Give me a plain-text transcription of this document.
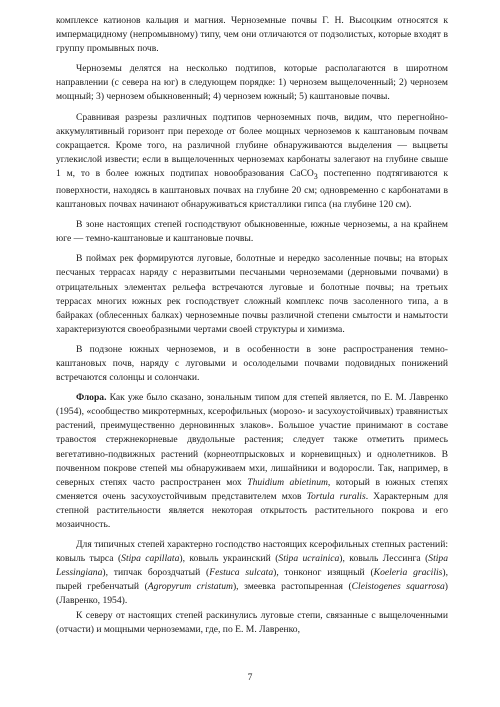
комплексе катионов кальция и магния. Черноземные почвы Г. Н. Высоцким относятся к импермацидному (непромывному) типу, чем они отличаются от подзолистых, которые входят в группу промывных почв.

Черноземы делятся на несколько подтипов, которые располагаются в широтном направлении (с севера на юг) в следующем порядке: 1) чернозем выщелоченный; 2) чернозем мощный; 3) чернозем обыкновенный; 4) чернозем южный; 5) каштановые почвы.

Сравнивая разрезы различных подтипов черноземных почв, видим, что перегнойно-аккумулятивный горизонт при переходе от более мощных черноземов к каштановым почвам сокращается. Кроме того, на различной глубине обнаруживаются выделения — выцветы углекислой извести; если в выщелоченных черноземах карбонаты залегают на глубине свыше 1 м, то в более южных подтипах новообразования CaCO$_3$ постепенно подтягиваются к поверхности, находясь в каштановых почвах на глубине 20 см; одновременно с карбонатами в каштановых почвах начинают обнаруживаться кристаллики гипса (на глубине 120 см).

В зоне настоящих степей господствуют обыкновенные, южные черноземы, а на крайнем юге — темно-каштановые и каштановые почвы.

В поймах рек формируются луговые, болотные и нередко засоленные почвы; на вторых песчаных террасах наряду с неразвитыми песчаными черноземами (дерновыми почвами) в отрицательных элементах рельефа встречаются луговые и болотные почвы; на третьих террасах многих южных рек господствует сложный комплекс почв засоленного типа, а в байраках (облесенных балках) черноземные почвы различной степени смытости и намытости характеризуются своеобразными чертами своей структуры и химизма.

В подзоне южных черноземов, и в особенности в зоне распространения темно-каштановых почв, наряду с луговыми и осолоделыми почвами подовидных понижений встречаются солонцы и солончаки.

Флора. Как уже было сказано, зональным типом для степей является, по Е. М. Лавренко (1954), «сообщество микротермных, ксерофильных (морозо- и засухоустойчивых) травянистых растений, преимущественно дерновинных злаков». Большое участие принимают в составе травостоя стержнекорневые двудольные растения; следует также отметить примесь вегетативно-подвижных растений (корнеотпрысковых и корневищных) и однолетников. В почвенном покрове степей мы обнаруживаем мхи, лишайники и водоросли. Так, например, в северных степях часто распространен мох Thuidium abietinum, который в южных степях сменяется очень засухоустойчивым представителем мхов Tortula ruralis. Характерным для степной растительности является некоторая открытость растительного покрова и его мозаичность.

Для типичных степей характерно господство настоящих ксерофильных степных растений: ковыль тырса (Stipa capillata), ковыль украинский (Stipa ucrainica), ковыль Лессинга (Stipa Lessingiana), типчак бороздчатый (Festuca sulcata), тонконог изящный (Koeleria gracilis), пырей гребенчатый (Agropyrum cristatum), змеевка растопыренная (Cleistogenes squarrosa) (Лавренко, 1954).

К северу от настоящих степей раскинулись луговые степи, связанные с выщелоченными (отчасти) и мощными черноземами, где, по Е. М. Лавренко,

7
